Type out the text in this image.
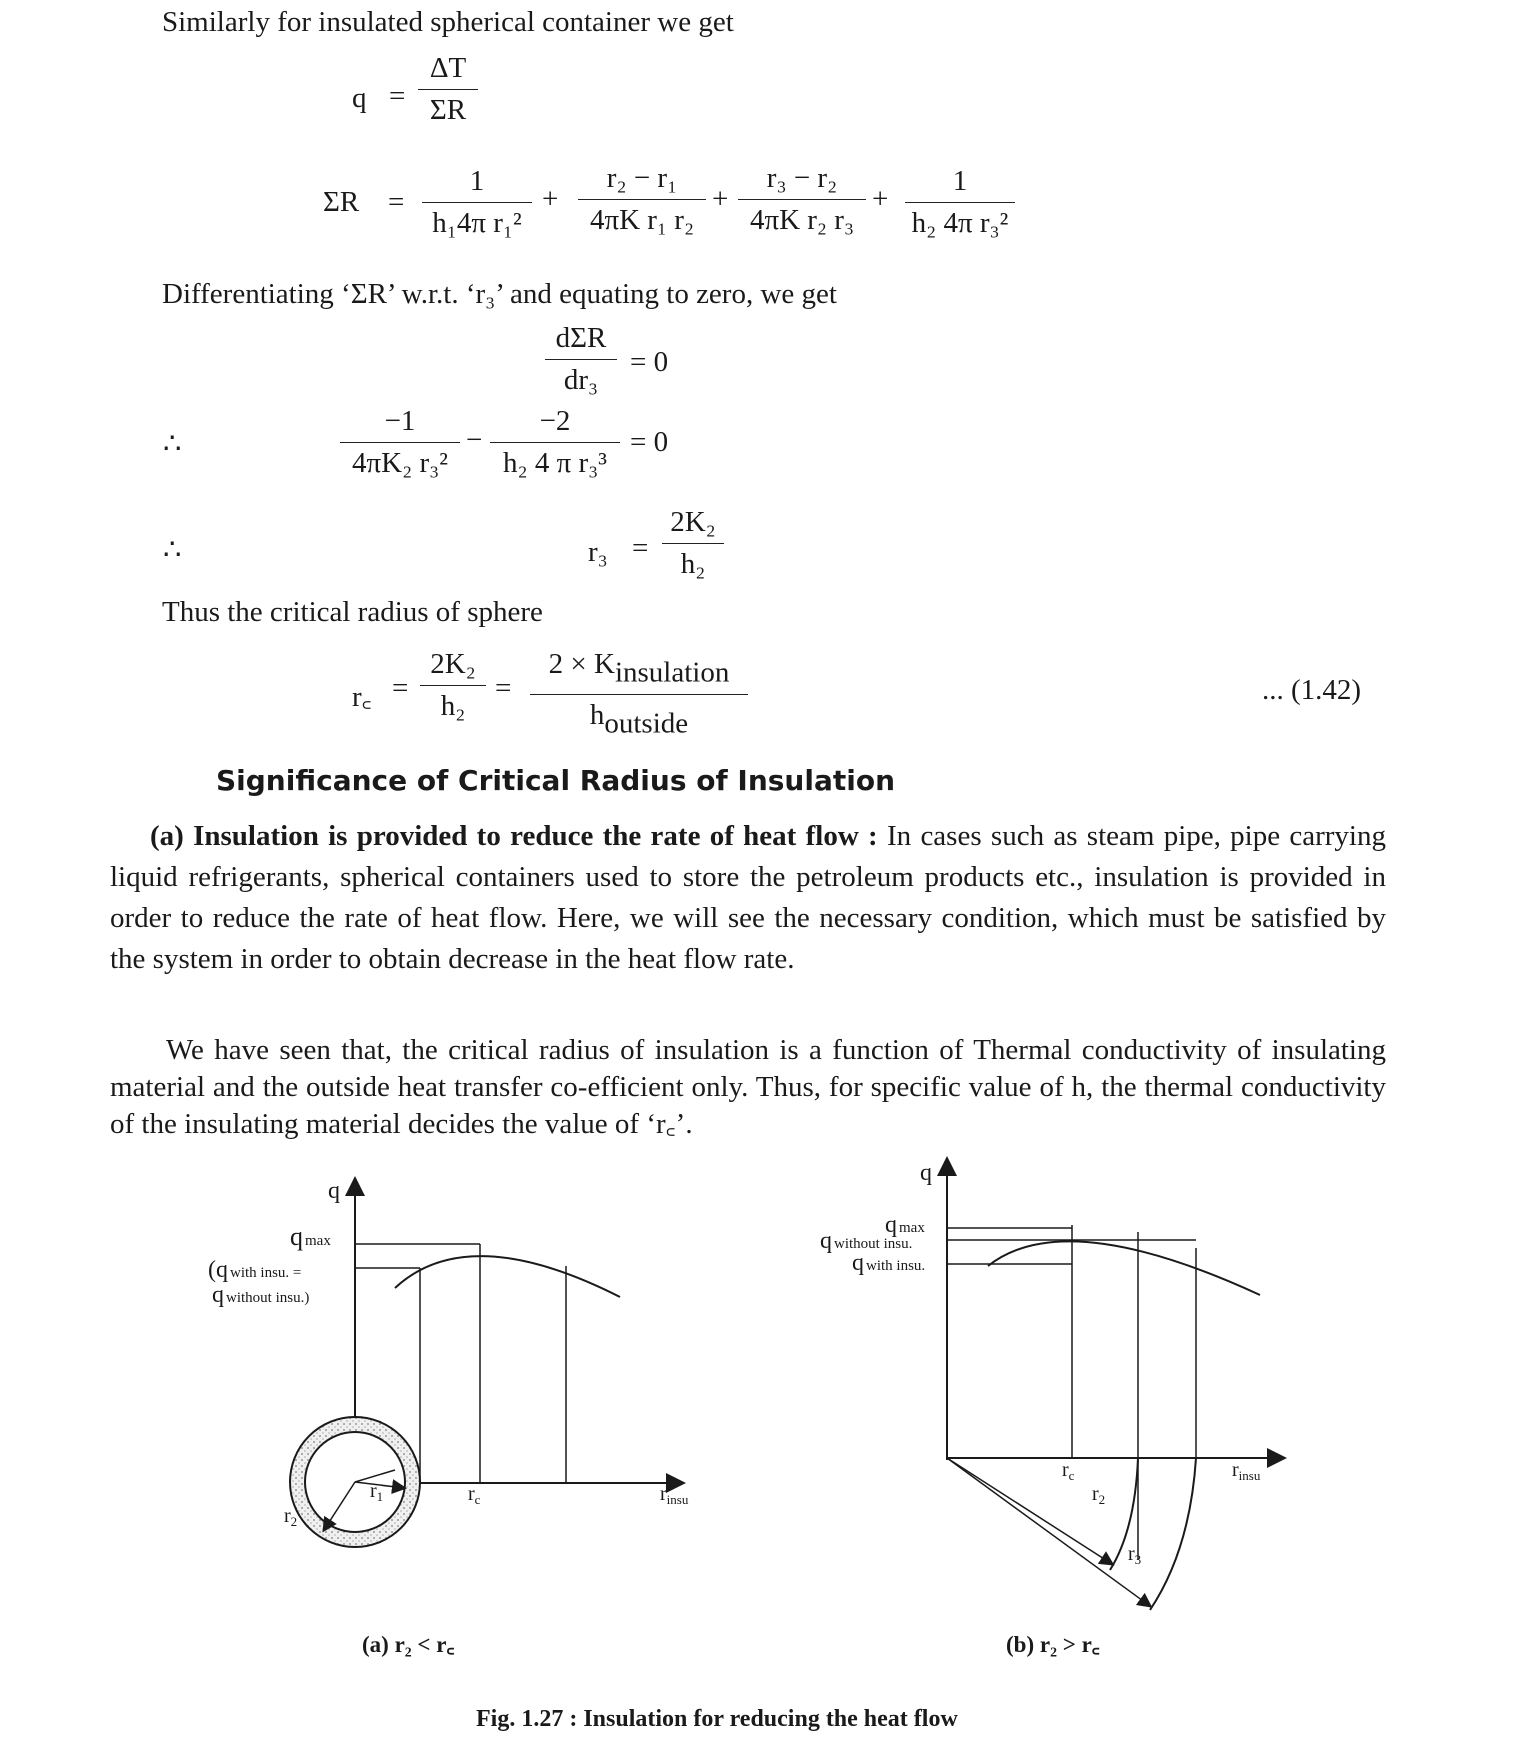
Similarly for insulated spherical container we get
q =
ΔT
ΣR
ΣR =
1
h₁4π r₁²
+
r₂ − r₁
4πK r₁ r₂
+
r₃ − r₂
4πK r₂ r₃
+
1
h₂ 4π r₃²
Differentiating ‘ΣR’ w.r.t. ‘r₃’ and equating to zero, we get
dΣR
dr₃
= 0
∴
−1
4πK₂ r₃²
−
−2
h₂ 4 π r₃³
= 0
∴	r₃ =
2K₂
h₂
Thus the critical radius of sphere
r꜀ =
2K₂
h₂
=
$2 \times K_{insulation}$
$h_{outside}$
... (1.42)
Significance of Critical Radius of Insulation
(a) Insulation is provided to reduce the rate of heat flow : In cases such as steam pipe, pipe carrying liquid refrigerants, spherical containers used to store the petroleum products etc., insulation is provided in order to reduce the rate of heat flow. Here, we will see the necessary condition, which must be satisfied by the system in order to obtain decrease in the heat flow rate.
We have seen that, the critical radius of insulation is a function of Thermal conductivity of insulating material and the outside heat transfer co-efficient only. Thus, for specific value of h, the thermal conductivity of the insulating material decides the value of ‘r꜀’.
q
qmax
(qwith insu. =
qwithout insu.)
$r_1$
$r_2$
$r_c$	$r_{insu}$
(a) r₂ < r꜀
q
qmax
qwithout insu.
qwith insu.
$r_c$
$r_2$
$r_3$
$r_{insu}$
(b) r₂ > r꜀
Fig. 1.27 : Insulation for reducing the heat flow
